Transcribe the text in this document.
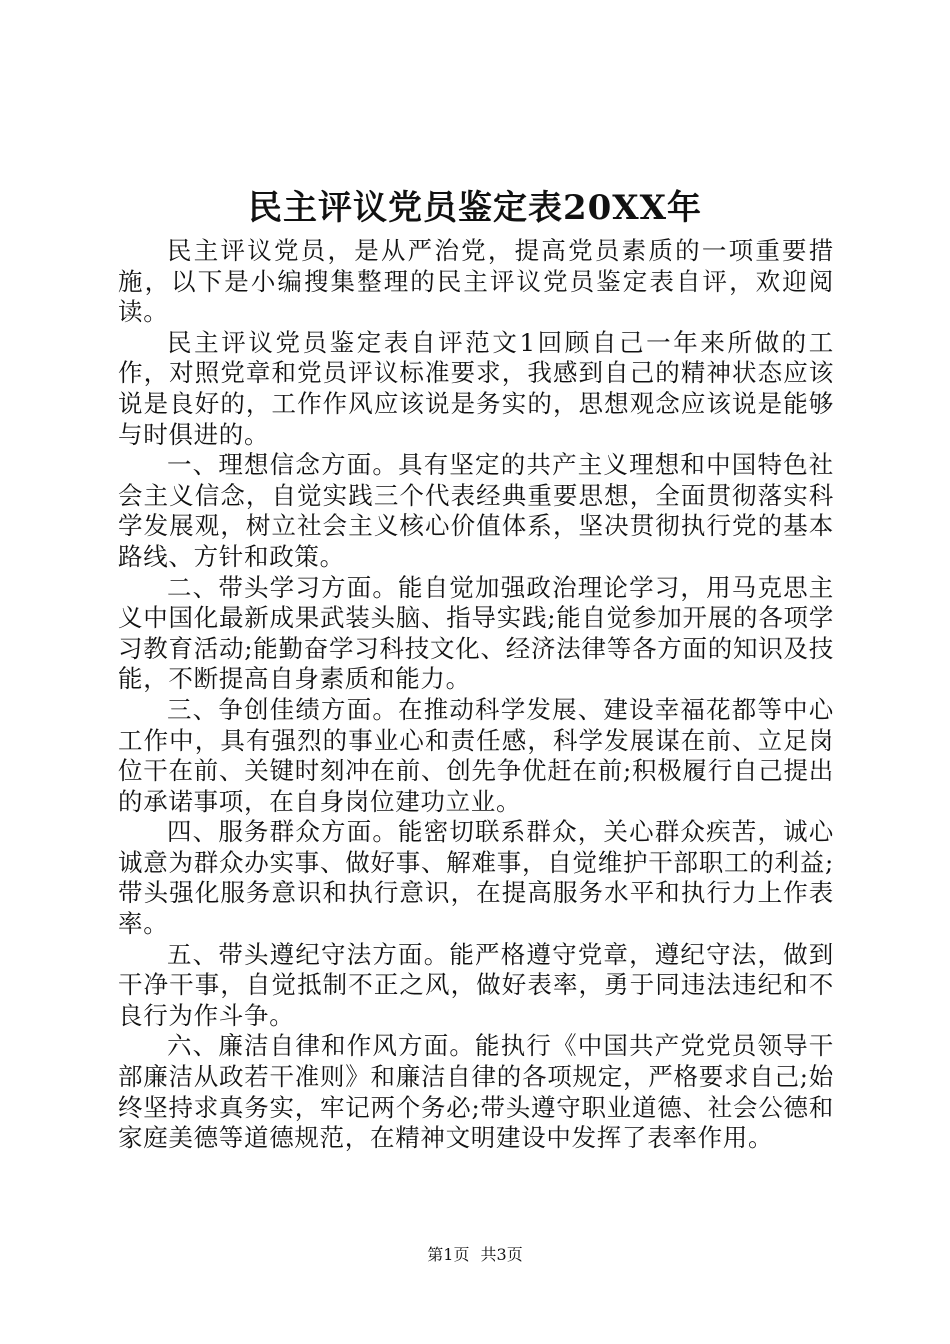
民主评议党员鉴定表20XX年

民主评议党员，是从严治党，提高党员素质的一项重要措施，以下是小编搜集整理的民主评议党员鉴定表自评，欢迎阅读。

民主评议党员鉴定表自评范文1回顾自己一年来所做的工作，对照党章和党员评议标准要求，我感到自己的精神状态应该说是良好的，工作作风应该说是务实的，思想观念应该说是能够与时俱进的。

一、理想信念方面。具有坚定的共产主义理想和中国特色社会主义信念，自觉实践三个代表经典重要思想，全面贯彻落实科学发展观，树立社会主义核心价值体系，坚决贯彻执行党的基本路线、方针和政策。

二、带头学习方面。能自觉加强政治理论学习，用马克思主义中国化最新成果武装头脑、指导实践;能自觉参加开展的各项学习教育活动;能勤奋学习科技文化、经济法律等各方面的知识及技能，不断提高自身素质和能力。

三、争创佳绩方面。在推动科学发展、建设幸福花都等中心工作中，具有强烈的事业心和责任感，科学发展谋在前、立足岗位干在前、关键时刻冲在前、创先争优赶在前;积极履行自己提出的承诺事项，在自身岗位建功立业。

四、服务群众方面。能密切联系群众，关心群众疾苦，诚心诚意为群众办实事、做好事、解难事，自觉维护干部职工的利益;带头强化服务意识和执行意识，在提高服务水平和执行力上作表率。

五、带头遵纪守法方面。能严格遵守党章，遵纪守法，做到干净干事，自觉抵制不正之风，做好表率，勇于同违法违纪和不良行为作斗争。

六、廉洁自律和作风方面。能执行《中国共产党党员领导干部廉洁从政若干准则》和廉洁自律的各项规定，严格要求自己;始终坚持求真务实，牢记两个务必;带头遵守职业道德、社会公德和家庭美德等道德规范，在精神文明建设中发挥了表率作用。

第1页 共3页
